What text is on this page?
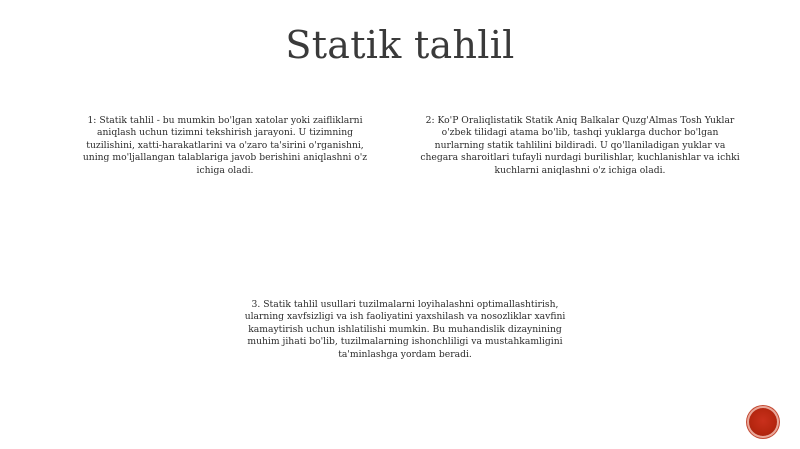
Statik tahlil
1: Statik tahlil - bu mumkin bo'lgan xatolar yoki zaifliklarni aniqlash uchun tizimni tekshirish jarayoni. U tizimning tuzilishini, xatti-harakatlarini va o'zaro ta'sirini o'rganishni, uning mo'ljallangan talablariga javob berishini aniqlashni o'z ichiga oladi.
2: Ko'P Oraliqlistatik Statik Aniq Balkalar Quzg'Almas Tosh Yuklar o'zbek tilidagi atama bo'lib, tashqi yuklarga duchor bo'lgan nurlarning statik tahlilini bildiradi. U qo'llaniladigan yuklar va chegara sharoitlari tufayli nurdagi burilishlar, kuchlanishlar va ichki kuchlarni aniqlashni o'z ichiga oladi.
3. Statik tahlil usullari tuzilmalarni loyihalashni optimallashtirish, ularning xavfsizligi va ish faoliyatini yaxshilash va nosozliklar xavfini kamaytirish uchun ishlatilishi mumkin. Bu muhandislik dizaynining muhim jihati bo'lib, tuzilmalarning ishonchliligi va mustahkamligini ta'minlashga yordam beradi.
